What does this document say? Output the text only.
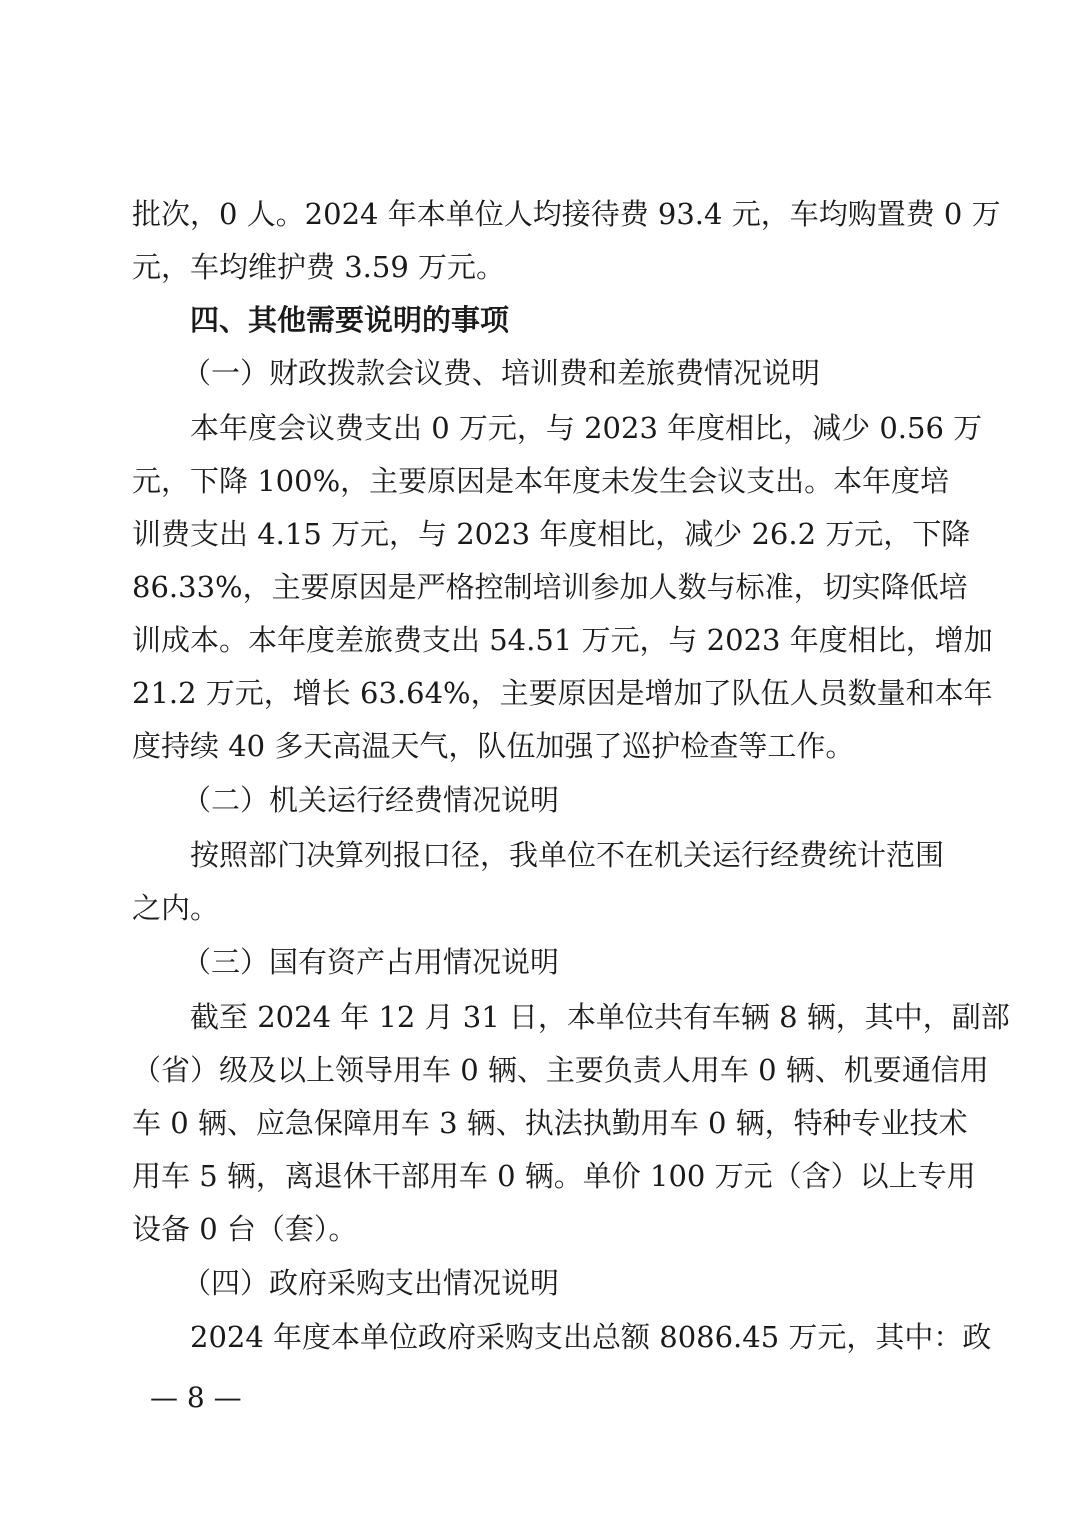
批次，0 人。2024 年本单位人均接待费 93.4 元，车均购置费 0 万
元，车均维护费 3.59 万元。
四、其他需要说明的事项
（一）财政拨款会议费、培训费和差旅费情况说明
本年度会议费支出 0 万元，与 2023 年度相比，减少 0.56 万
元，下降 100%，主要原因是本年度未发生会议支出。本年度培
训费支出 4.15 万元，与 2023 年度相比，减少 26.2 万元，下降
86.33%，主要原因是严格控制培训参加人数与标准，切实降低培
训成本。本年度差旅费支出 54.51 万元，与 2023 年度相比，增加
21.2 万元，增长 63.64%，主要原因是增加了队伍人员数量和本年
度持续 40 多天高温天气，队伍加强了巡护检查等工作。
（二）机关运行经费情况说明
按照部门决算列报口径，我单位不在机关运行经费统计范围
之内。
（三）国有资产占用情况说明
截至 2024 年 12 月 31 日，本单位共有车辆 8 辆，其中，副部
（省）级及以上领导用车 0 辆、主要负责人用车 0 辆、机要通信用
车 0 辆、应急保障用车 3 辆、执法执勤用车 0 辆，特种专业技术
用车 5 辆，离退休干部用车 0 辆。单价 100 万元（含）以上专用
设备 0 台（套）。
（四）政府采购支出情况说明
2024 年度本单位政府采购支出总额 8086.45 万元，其中：政
— 8 —
